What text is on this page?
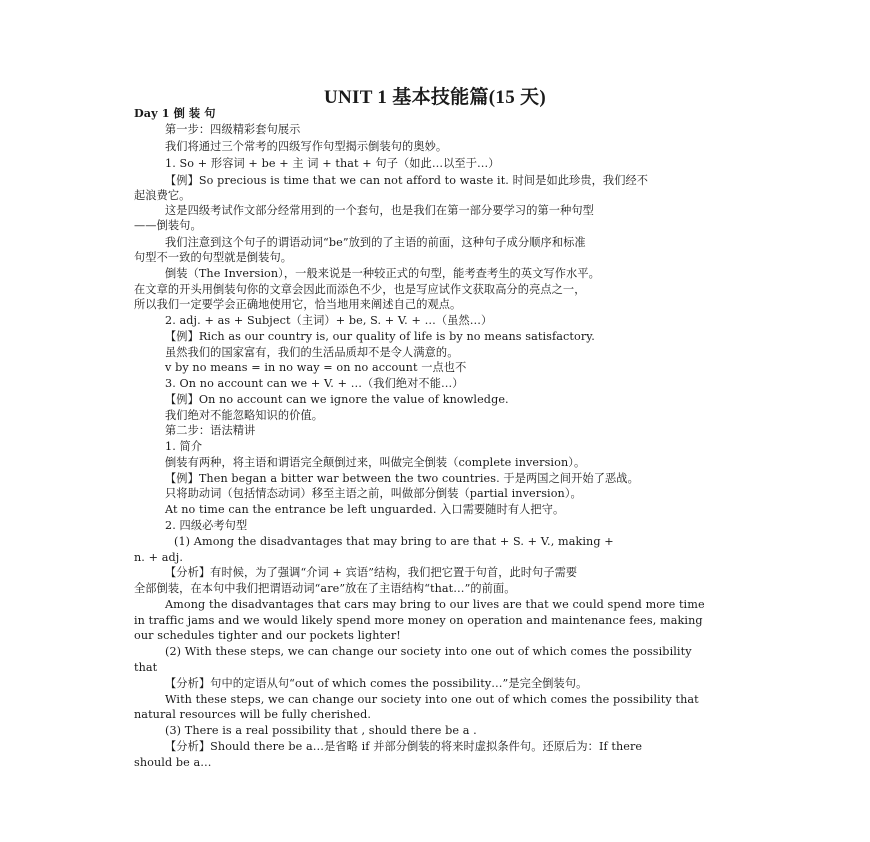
UNIT 1 基本技能篇(15 天)
Day 1 倒 装 句
第一步：四级精彩套句展示
我们将通过三个常考的四级写作句型揭示倒装句的奥妙。
1. So + 形容词 + be + 主 词 + that + 句子（如此…以至于…）
【例】So precious is time that we can not afford to waste it. 时间是如此珍贵，我们经不
起浪费它。
这是四级考试作文部分经常用到的一个套句，也是我们在第一部分要学习的第一种句型
——倒装句。
我们注意到这个句子的谓语动词“be”放到的了主语的前面，这种句子成分顺序和标准
句型不一致的句型就是倒装句。
倒装（The Inversion），一般来说是一种较正式的句型，能考查考生的英文写作水平。
在文章的开头用倒装句你的文章会因此而添色不少，也是写应试作文获取高分的亮点之一，
所以我们一定要学会正确地使用它，恰当地用来阐述自己的观点。
2. adj. + as + Subject（主词）+ be, S. + V. + …（虽然…）
【例】Rich as our country is, our quality of life is by no means satisfactory.
虽然我们的国家富有，我们的生活品质却不是令人满意的。
v by no means = in no way = on no account 一点也不
3. On no account can we + V. + …（我们绝对不能…）
【例】On no account can we ignore the value of knowledge.
我们绝对不能忽略知识的价值。
第二步：语法精讲
1. 简介
倒装有两种，将主语和谓语完全颠倒过来，叫做完全倒装（complete inversion）。
【例】Then began a bitter war between the two countries. 于是两国之间开始了恶战。
只将助动词（包括情态动词）移至主语之前，叫做部分倒装（partial inversion）。
At no time can the entrance be left unguarded. 入口需要随时有人把守。
2. 四级必考句型
(1) Among the disadvantages that may bring to are that + S. + V., making +
n. + adj.
【分析】有时候，为了强调“介词 + 宾语”结构，我们把它置于句首，此时句子需要
全部倒装，在本句中我们把谓语动词“are”放在了主语结构“that…”的前面。
Among the disadvantages that cars may bring to our lives are that we could spend more time
in traffic jams and we would likely spend more money on operation and maintenance fees, making
our schedules tighter and our pockets lighter!
(2) With these steps, we can change our society into one out of which comes the possibility
that
【分析】句中的定语从句“out of which comes the possibility…”是完全倒装句。
With these steps, we can change our society into one out of which comes the possibility that
natural resources will be fully cherished.
(3) There is a real possibility that , should there be a .
【分析】Should there be a…是省略 if 并部分倒装的将来时虚拟条件句。还原后为：If there
should be a…
